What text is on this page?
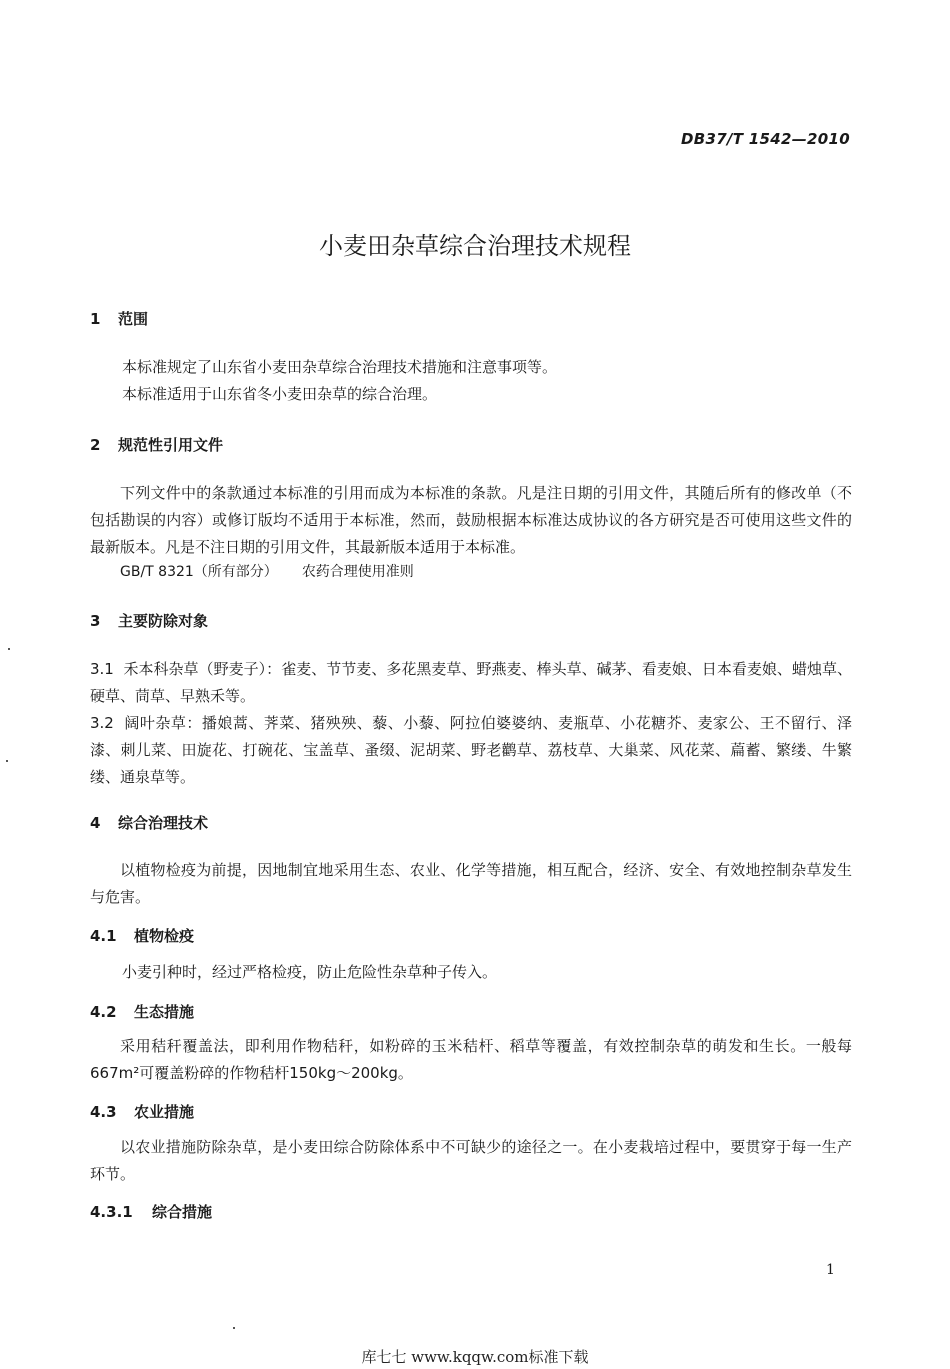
DB37/T 1542—2010
小麦田杂草综合治理技术规程
1 范围
本标准规定了山东省小麦田杂草综合治理技术措施和注意事项等。
本标准适用于山东省冬小麦田杂草的综合治理。
2 规范性引用文件
下列文件中的条款通过本标准的引用而成为本标准的条款。凡是注日期的引用文件，其随后所有的修改单（不包括勘误的内容）或修订版均不适用于本标准，然而，鼓励根据本标准达成协议的各方研究是否可使用这些文件的最新版本。凡是不注日期的引用文件，其最新版本适用于本标准。
GB/T 8321（所有部分） 农药合理使用准则
3 主要防除对象
3.1 禾本科杂草（野麦子）：雀麦、节节麦、多花黑麦草、野燕麦、棒头草、碱茅、看麦娘、日本看麦娘、蜡烛草、硬草、茼草、早熟禾等。
3.2 阔叶杂草：播娘蒿、荠菜、猪殃殃、藜、小藜、阿拉伯婆婆纳、麦瓶草、小花糖芥、麦家公、王不留行、泽漆、刺儿菜、田旋花、打碗花、宝盖草、蚤缀、泥胡菜、野老鹳草、荔枝草、大巢菜、风花菜、萹蓄、繁缕、牛繁缕、通泉草等。
4 综合治理技术
以植物检疫为前提，因地制宜地采用生态、农业、化学等措施，相互配合，经济、安全、有效地控制杂草发生与危害。
4.1 植物检疫
小麦引种时，经过严格检疫，防止危险性杂草种子传入。
4.2 生态措施
采用秸秆覆盖法，即利用作物秸秆，如粉碎的玉米秸杆、稻草等覆盖，有效控制杂草的萌发和生长。一般每667m²可覆盖粉碎的作物秸杆150kg～200kg。
4.3 农业措施
以农业措施防除杂草，是小麦田综合防除体系中不可缺少的途径之一。在小麦栽培过程中，要贯穿于每一生产环节。
4.3.1 综合措施
1
库七七 www.kqqw.com标准下载
